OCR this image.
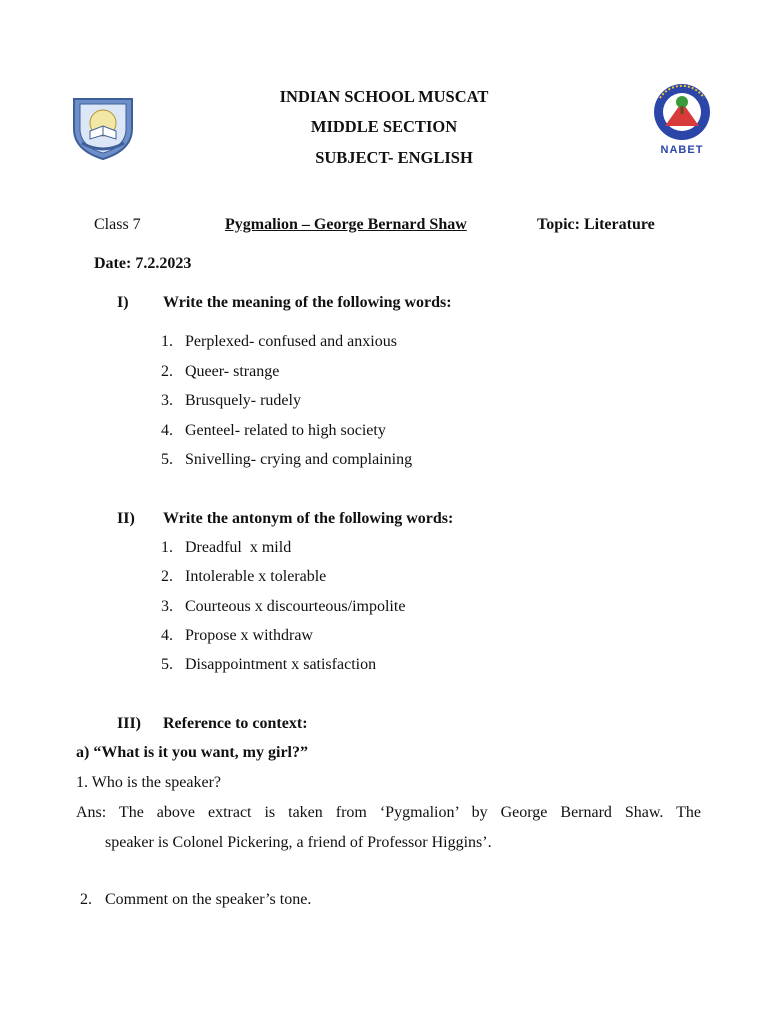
INDIAN SCHOOL MUSCAT
MIDDLE SECTION
SUBJECT- ENGLISH	NABET
Class 7	Pygmalion – George Bernard Shaw	Topic: Literature
Date: 7.2.2023
I) Write the meaning of the following words:
1. Perplexed- confused and anxious
2. Queer- strange
3. Brusquely- rudely
4. Genteel- related to high society
5. Snivelling- crying and complaining
II) Write the antonym of the following words:
1. Dreadful  x mild
2. Intolerable x tolerable
3. Courteous x discourteous/impolite
4. Propose x withdraw
5. Disappointment x satisfaction
III) Reference to context:
a) “What is it you want, my girl?”
1. Who is the speaker?
Ans: The above extract is taken from ‘Pygmalion’ by George Bernard Shaw. The
speaker is Colonel Pickering, a friend of Professor Higgins’.
2. Comment on the speaker’s tone.
